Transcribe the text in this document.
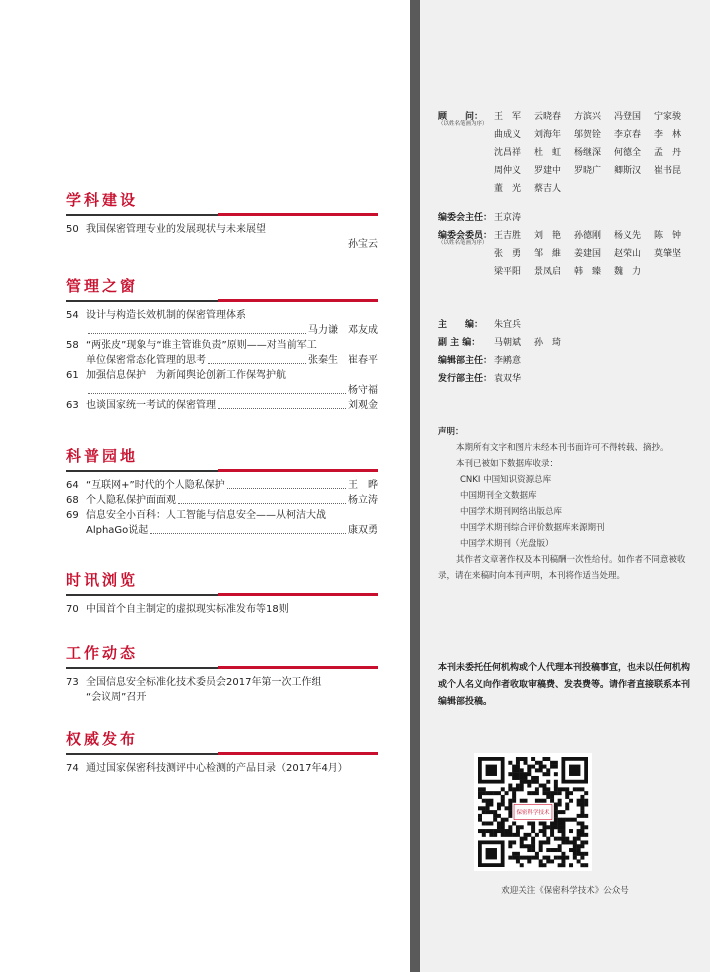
学科建设
50 我国保密管理专业的发展现状与未来展望
孙宝云
管理之窗
54 设计与构造长效机制的保密管理体系
马力谦　邓友成
58 “两张皮”现象与“谁主管谁负责”原则——对当前军工
单位保密常态化管理的思考	张秦生　崔春平
61 加强信息保护　为新闻舆论创新工作保驾护航
杨守福
63 也谈国家统一考试的保密管理	刘观金
科普园地
64 “互联网+”时代的个人隐私保护	王　晔
68 个人隐私保护面面观	杨立涛
69 信息安全小百科：人工智能与信息安全——从柯洁大战
AlphaGo说起	康双勇
时讯浏览
70 中国首个自主制定的虚拟现实标准发布等18则
工作动态
73 全国信息安全标准化技术委员会2017年第一次工作组
“会议周”召开
权威发布
74 通过国家保密科技测评中心检测的产品目录（2017年4月）
顾　　问：
（以姓名笔画为序）
王　军	云晓春	方滨兴	冯登国	宁家骏
曲成义	刘海年	邬贺铨	李京春	李　林
沈昌祥	杜　虹	杨继深	何德全	孟　丹
周仲义	罗建中	罗晓广	卿斯汉	崔书昆
董　光	蔡吉人
编委会主任： 王京涛
编委会委员：
（以姓名笔画为序）
王吉胜	刘　艳	孙德刚	杨义先	陈　钟
张　勇	邹　維	姜建国	赵荣山	莫肇坚
梁平阳	景凤启	韩　臻	魏　力
主　　编：	朱宜兵
副 主 编：	马朝斌	孙　琦
编辑部主任： 李鹇意
发行部主任： 袁双华
声明：
本期所有文字和图片未经本刊书面许可不得转载、摘抄。
本刊已被如下数据库收录：
CNKI 中国知识资源总库
中国期刊全文数据库
中国学术期刊网络出版总库
中国学术期刊综合评价数据库来源期刊
中国学术期刊（光盘版）
其作者文章著作权及本刊稿酬一次性给付。如作者不同意被收录，请在来稿时向本刊声明，本刊将作适当处理。
本刊未委托任何机构或个人代理本刊投稿事宜，也未以任何机构或个人名义向作者收取审稿费、发表费等。请作者直接联系本刊编辑部投稿。
保密科学技术
欢迎关注《保密科学技术》公众号
